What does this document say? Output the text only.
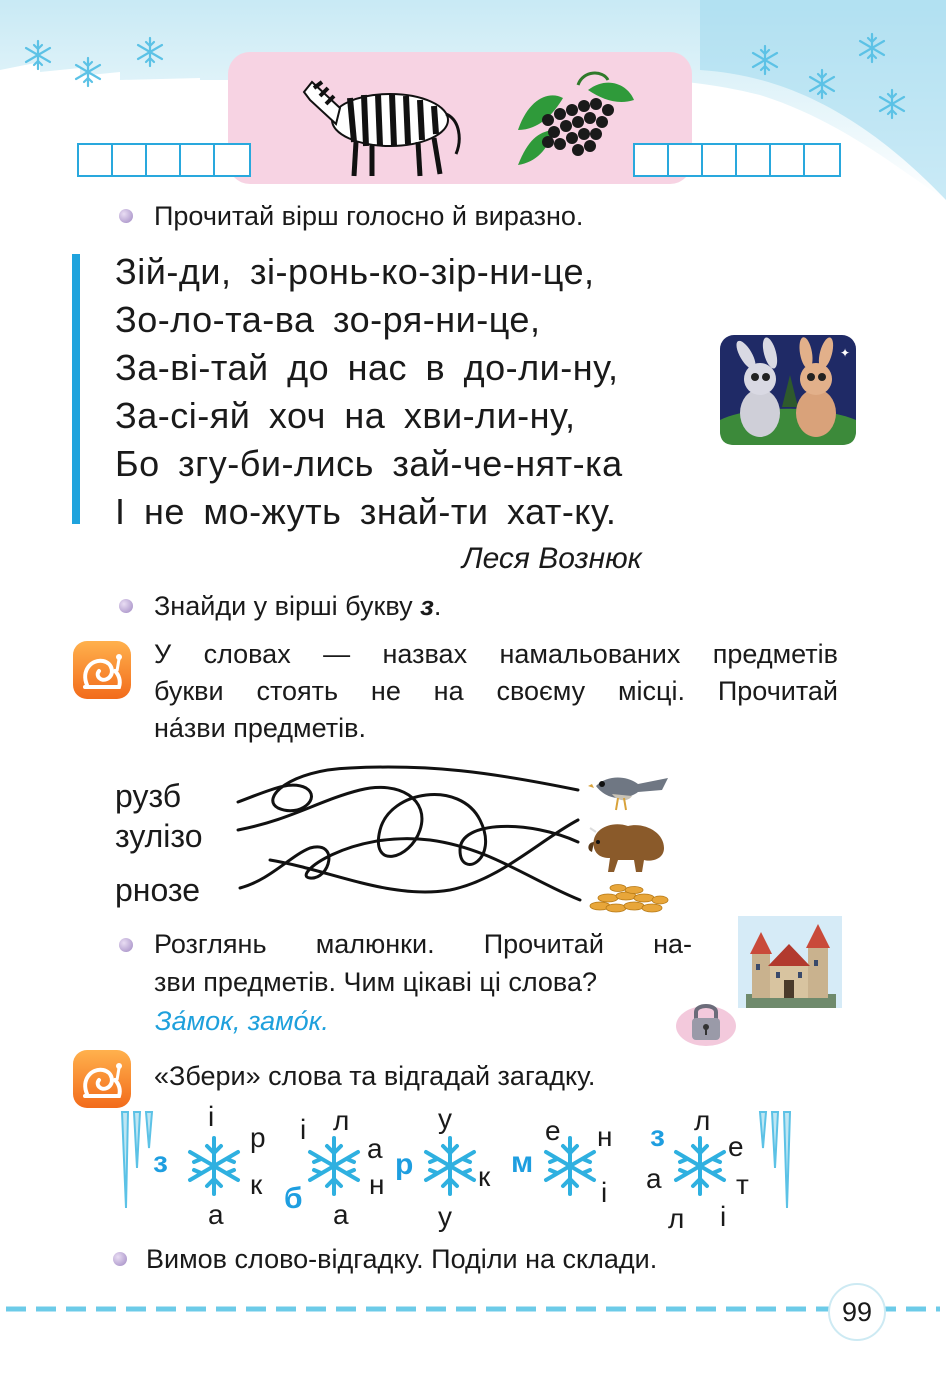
Прочитай вірш голосно й виразно.
Зій-ди, зі-ронь-ко-зір-ни-це,
Зо-ло-та-ва зо-ря-ни-це,
За-ві-тай до нас в до-ли-ну,
За-сі-яй хоч на хви-ли-ну,
Бо згу-би-лись зай-че-нят-ка
І не мо-жуть знай-ти хат-ку.
Леся Вознюк
✦
Знайди у вірші букву з.
У словах — назвах намальованих предметів
букви стоять не на своєму місці. Прочитай
на́зви предметів.
рузб
зулізо
рнозе
Розглянь малюнки. Прочитай на-
зви предметів. Чим цікаві ці слова?
За́мок, замо́к.
«Збери» слова та відгадай загадку.
з
і
р
к
а
і л
а
н
а
б
р
у
к
у
м
е н
і
з л
е
а	т
л і
Вимов слово-відгадку. Поділи на склади.
99
